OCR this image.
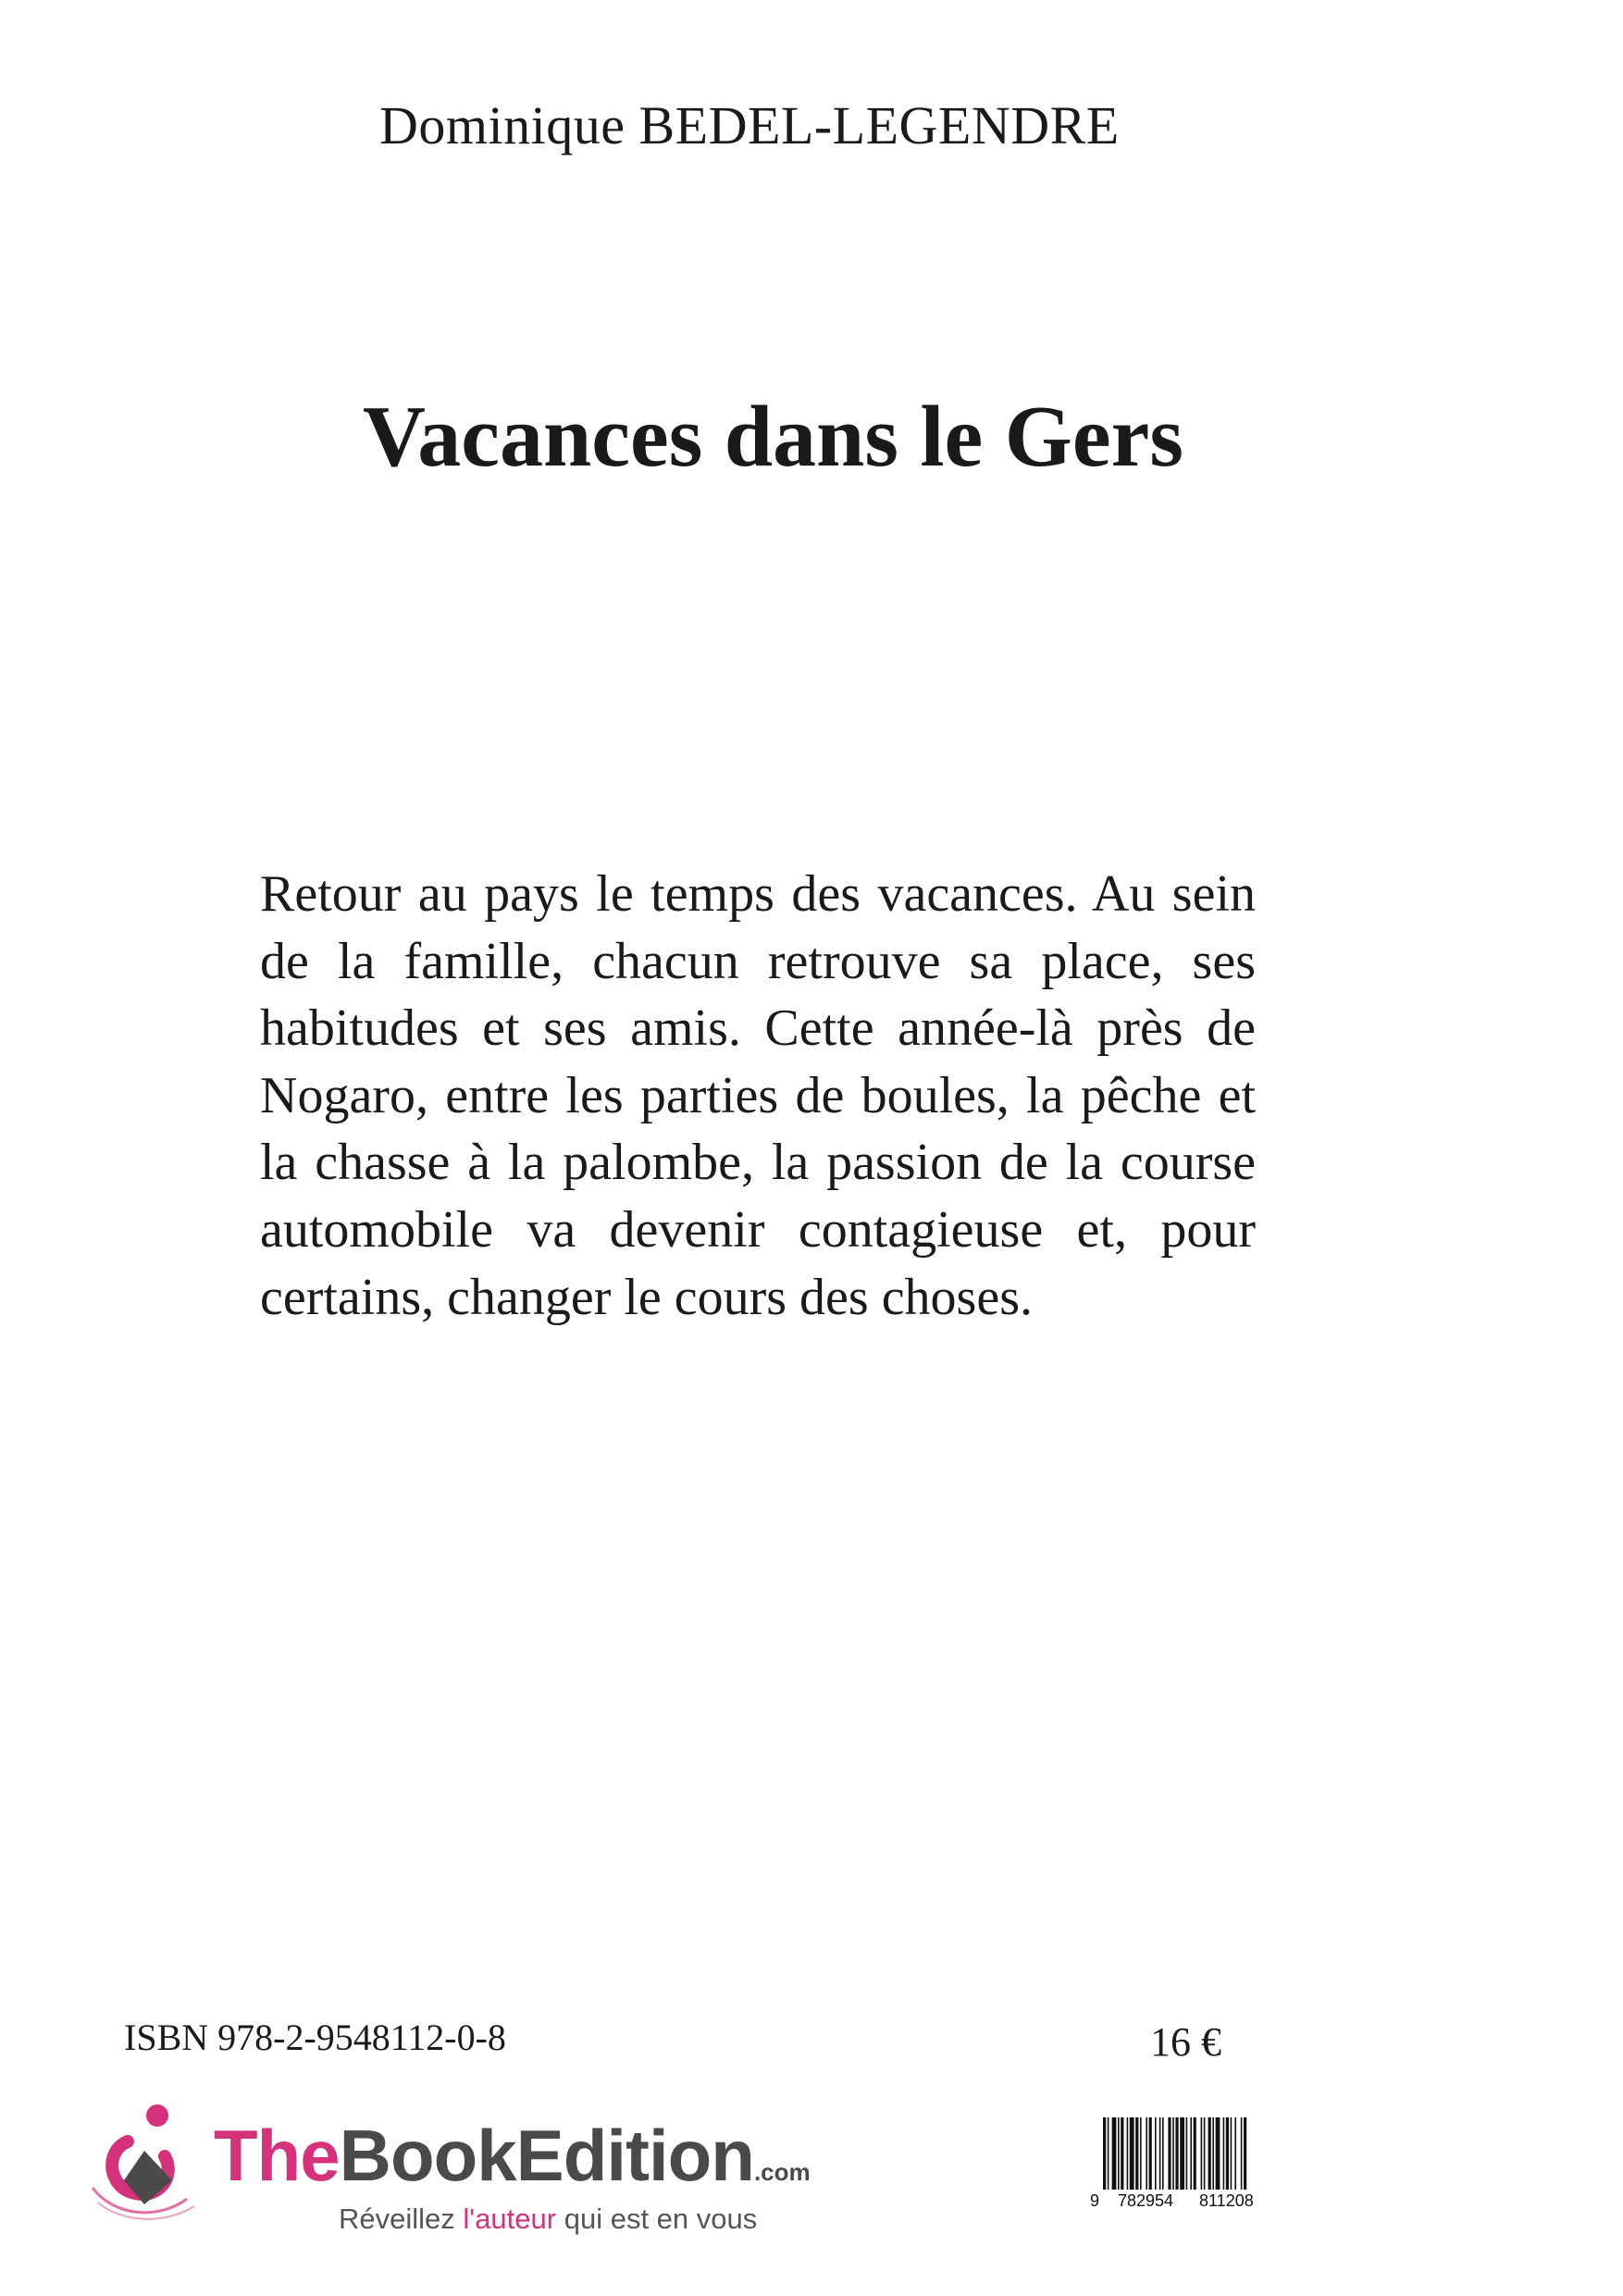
Dominique BEDEL-LEGENDRE
Vacances dans le Gers
Retour au pays le temps des vacances. Au sein de la famille, chacun retrouve sa place, ses habitudes et ses amis. Cette année-là près de Nogaro, entre les parties de boules, la pêche et la chasse à la palombe, la passion de la course automobile va devenir contagieuse et, pour certains, changer le cours des choses.
ISBN 978-2-9548112-0-8	16 €
TheBookEdition.com
Réveillez l'auteur qui est en vous
9 782954 811208
